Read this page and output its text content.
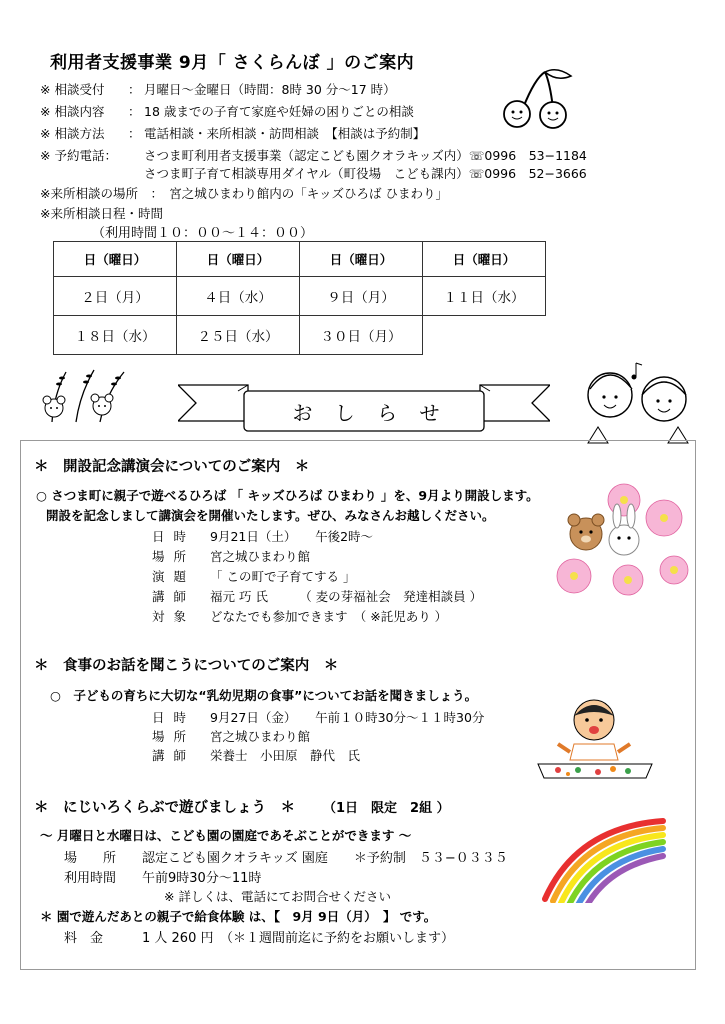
利用者支援事業 9月「 さくらんぼ 」のご案内
※ 相談受付 ： 月曜日〜金曜日（時間：8時 30 分〜17 時）
※ 相談内容 ： 18 歳までの子育て家庭や妊婦の困りごとの相談
※ 相談方法 ： 電話相談・来所相談・訪問相談　【相談は予約制】
※ 予約電話： さつま町利用者支援事業（認定こども園クオラキッズ内）☏0996　53−1184
さつま町子育て相談専用ダイヤル（町役場　こども課内）☏0996　52−3666
※来所相談の場所　：　宮之城ひまわり館内の「キッズひろば ひまわり」
※来所相談日程・時間
（利用時間１０：００〜１４：００）
日（曜日）	日（曜日）	日（曜日）	日（曜日）
２日（月）	４日（水）	９日（月）	１１日（水）
１８日（水）	２５日（水）	３０日（月）	
お し ら せ
＊　開設記念講演会についてのご案内　＊
○ さつま町に親子で遊べるひろば 「 キッズひろば ひまわり 」を、9月より開設します。
開設を記念しまして講演会を開催いたします。ぜひ、みなさんお越しください。
日時 9月21日（土）　　午後2時〜
場所 宮之城ひまわり館
演題 「 この町で子育てする 」
講師 福元 巧 氏　　　（ 麦の芽福祉会　発達相談員 ）
対象 どなたでも参加できます　（ ※託児あり ）
＊　食事のお話を聞こうについてのご案内　＊
○　子どもの育ちに大切な“乳幼児期の食事”についてお話を聞きましょう。
日時 9月27日（金）　　午前１０時30分〜１１時30分
場所 宮之城ひまわり館
講師 栄養士　小田原　静代　氏
＊　にじいろくらぶで遊びましょう　＊ （1日　限定　2組 ）
〜 月曜日と水曜日は、こども園の園庭であそぶことができます 〜
場　　所　　認定こども園クオラキッズ 園庭　　＊予約制　５３−０３３５
利用時間　　午前9時30分〜11時
※ 詳しくは、電話にてお問合せください
＊ 園で遊んだあとの親子で給食体験 は、【　9月 9日（月）　】 です。
料　金　　　1 人 260 円　（＊１週間前迄に予約をお願いします）
